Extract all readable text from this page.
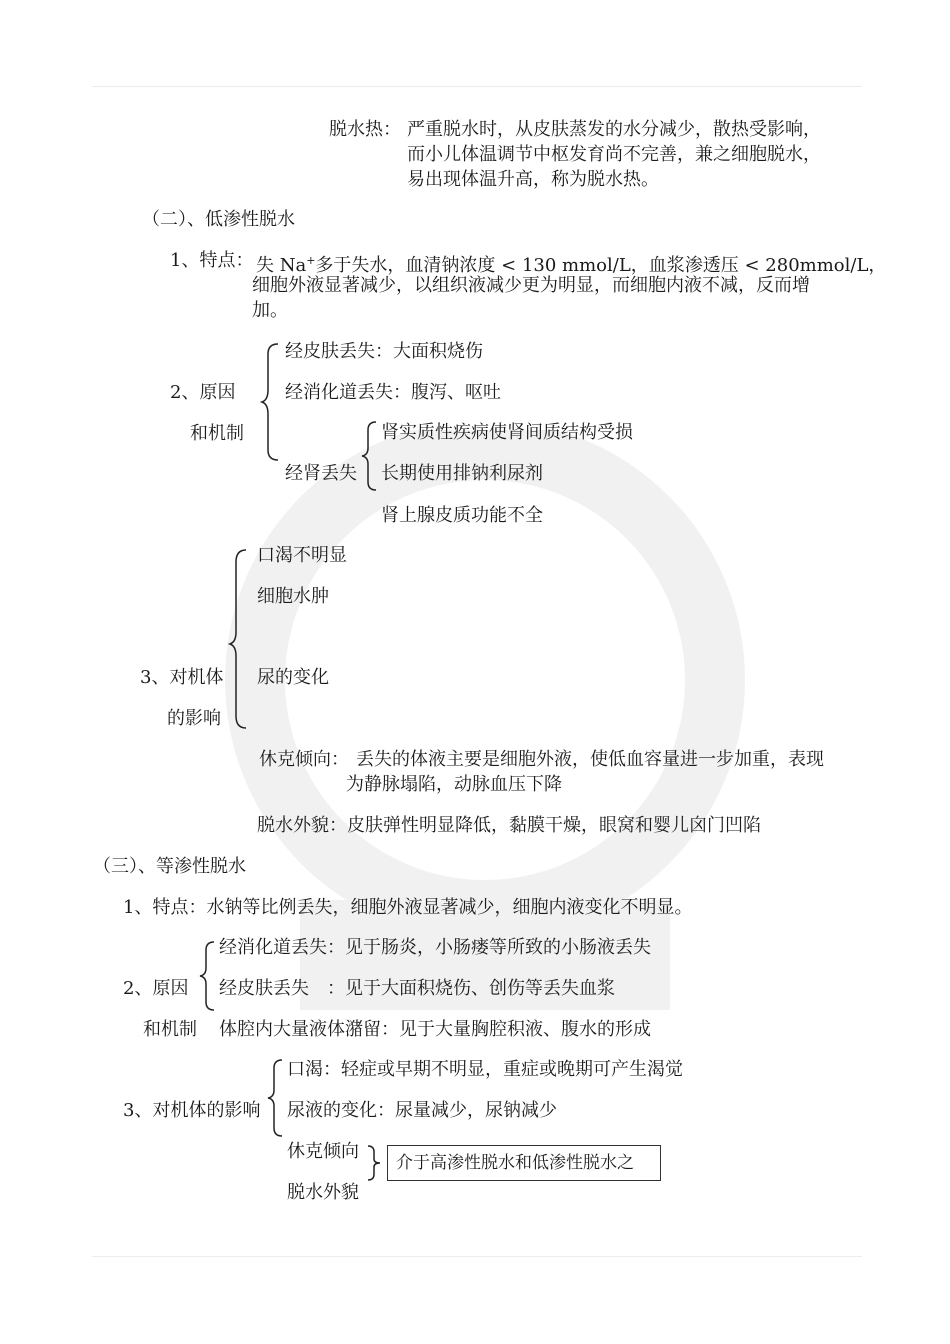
脱水热： 严重脱水时，从皮肤蒸发的水分减少，散热受影响，
而小儿体温调节中枢发育尚不完善，兼之细胞脱水，
易出现体温升高，称为脱水热。
（二）、低渗性脱水
1、特点： 失 Na+多于失水，血清钠浓度 < 130 mmol/L，血浆渗透压 < 280mmol/L，
细胞外液显著减少，以组织液减少更为明显，而细胞内液不减，反而增
加。
2、原因
和机制
经皮肤丢失：大面积烧伤
经消化道丢失：腹泻、呕吐
经肾丢失
肾实质性疾病使肾间质结构受损
长期使用排钠利尿剂
肾上腺皮质功能不全
3、对机体
的影响
口渴不明显
细胞水肿
尿的变化
休克倾向： 丢失的体液主要是细胞外液，使低血容量进一步加重，表现
为静脉塌陷，动脉血压下降
脱水外貌：皮肤弹性明显降低，黏膜干燥，眼窝和婴儿囟门凹陷
（三）、等渗性脱水
1、特点：水钠等比例丢失，细胞外液显著减少，细胞内液变化不明显。
2、原因
和机制
经消化道丢失：见于肠炎，小肠瘘等所致的小肠液丢失
经皮肤丢失　：见于大面积烧伤、创伤等丢失血浆
体腔内大量液体潴留：见于大量胸腔积液、腹水的形成
3、对机体的影响
口渴：轻症或早期不明显，重症或晚期可产生渴觉
尿液的变化：尿量减少，尿钠减少
休克倾向
脱水外貌
介于高渗性脱水和低渗性脱水之
